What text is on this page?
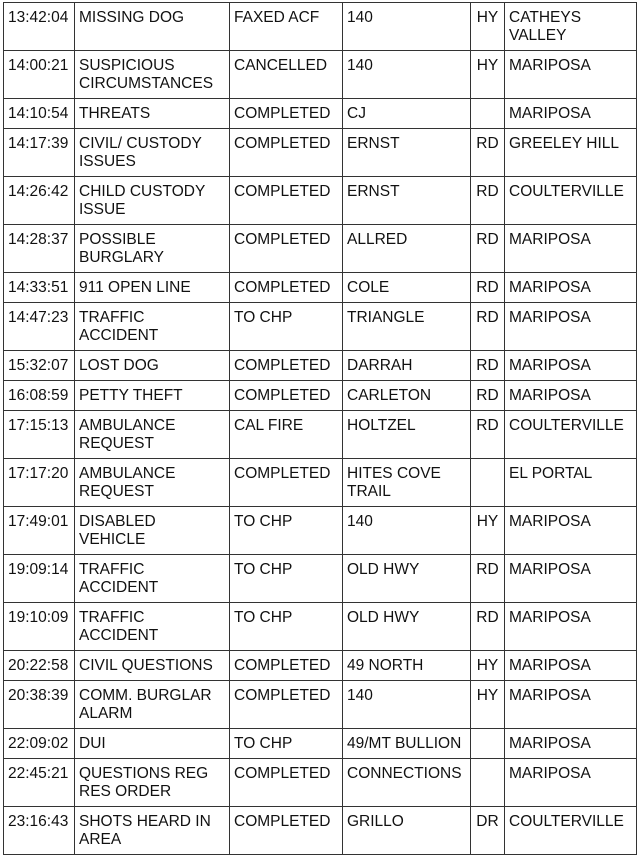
13:42:04	MISSING DOG	FAXED ACF	140	HY	CATHEYS VALLEY
14:00:21	SUSPICIOUS CIRCUMSTANCES	CANCELLED	140	HY	MARIPOSA
14:10:54	THREATS	COMPLETED	CJ		MARIPOSA
14:17:39	CIVIL/ CUSTODY ISSUES	COMPLETED	ERNST	RD	GREELEY HILL
14:26:42	CHILD CUSTODY ISSUE	COMPLETED	ERNST	RD	COULTERVILLE
14:28:37	POSSIBLE BURGLARY	COMPLETED	ALLRED	RD	MARIPOSA
14:33:51	911 OPEN LINE	COMPLETED	COLE	RD	MARIPOSA
14:47:23	TRAFFIC ACCIDENT	TO CHP	TRIANGLE	RD	MARIPOSA
15:32:07	LOST DOG	COMPLETED	DARRAH	RD	MARIPOSA
16:08:59	PETTY THEFT	COMPLETED	CARLETON	RD	MARIPOSA
17:15:13	AMBULANCE REQUEST	CAL FIRE	HOLTZEL	RD	COULTERVILLE
17:17:20	AMBULANCE REQUEST	COMPLETED	HITES COVE TRAIL		EL PORTAL
17:49:01	DISABLED VEHICLE	TO CHP	140	HY	MARIPOSA
19:09:14	TRAFFIC ACCIDENT	TO CHP	OLD HWY	RD	MARIPOSA
19:10:09	TRAFFIC ACCIDENT	TO CHP	OLD HWY	RD	MARIPOSA
20:22:58	CIVIL QUESTIONS	COMPLETED	49 NORTH	HY	MARIPOSA
20:38:39	COMM. BURGLAR ALARM	COMPLETED	140	HY	MARIPOSA
22:09:02	DUI	TO CHP	49/MT BULLION		MARIPOSA
22:45:21	QUESTIONS REG RES ORDER	COMPLETED	CONNECTIONS		MARIPOSA
23:16:43	SHOTS HEARD IN AREA	COMPLETED	GRILLO	DR	COULTERVILLE
